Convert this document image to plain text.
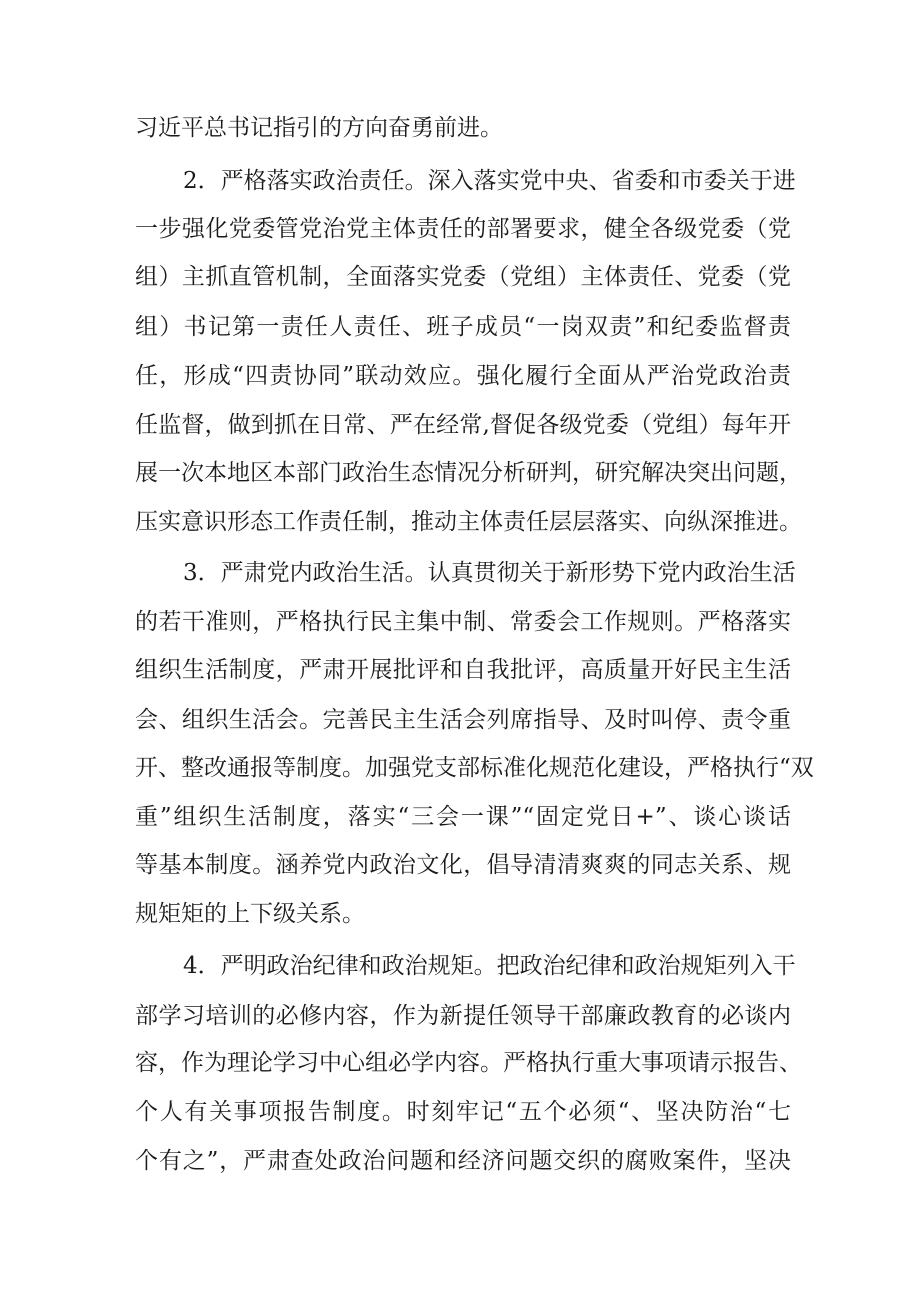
习近平总书记指引的方向奋勇前进。
2．严格落实政治责任。深入落实党中央、省委和市委关于进
一步强化党委管党治党主体责任的部署要求，健全各级党委（党
组）主抓直管机制，全面落实党委（党组）主体责任、党委（党
组）书记第一责任人责任、班子成员“一岗双责”和纪委监督责
任，形成“四责协同”联动效应。强化履行全面从严治党政治责
任监督，做到抓在日常、严在经常,督促各级党委（党组）每年开
展一次本地区本部门政治生态情况分析研判，研究解决突出问题，
压实意识形态工作责任制，推动主体责任层层落实、向纵深推进。
3．严肃党内政治生活。认真贯彻关于新形势下党内政治生活
的若干准则，严格执行民主集中制、常委会工作规则。严格落实
组织生活制度，严肃开展批评和自我批评，高质量开好民主生活
会、组织生活会。完善民主生活会列席指导、及时叫停、责令重
开、整改通报等制度。加强党支部标准化规范化建设，严格执行“双
重”组织生活制度，落实“三会一课”“固定党日+”、谈心谈话
等基本制度。涵养党内政治文化，倡导清清爽爽的同志关系、规
规矩矩的上下级关系。
4．严明政治纪律和政治规矩。把政治纪律和政治规矩列入干
部学习培训的必修内容，作为新提任领导干部廉政教育的必谈内
容，作为理论学习中心组必学内容。严格执行重大事项请示报告、
个人有关事项报告制度。时刻牢记“五个必须“、坚决防治“七
个有之”，严肃查处政治问题和经济问题交织的腐败案件，坚决
